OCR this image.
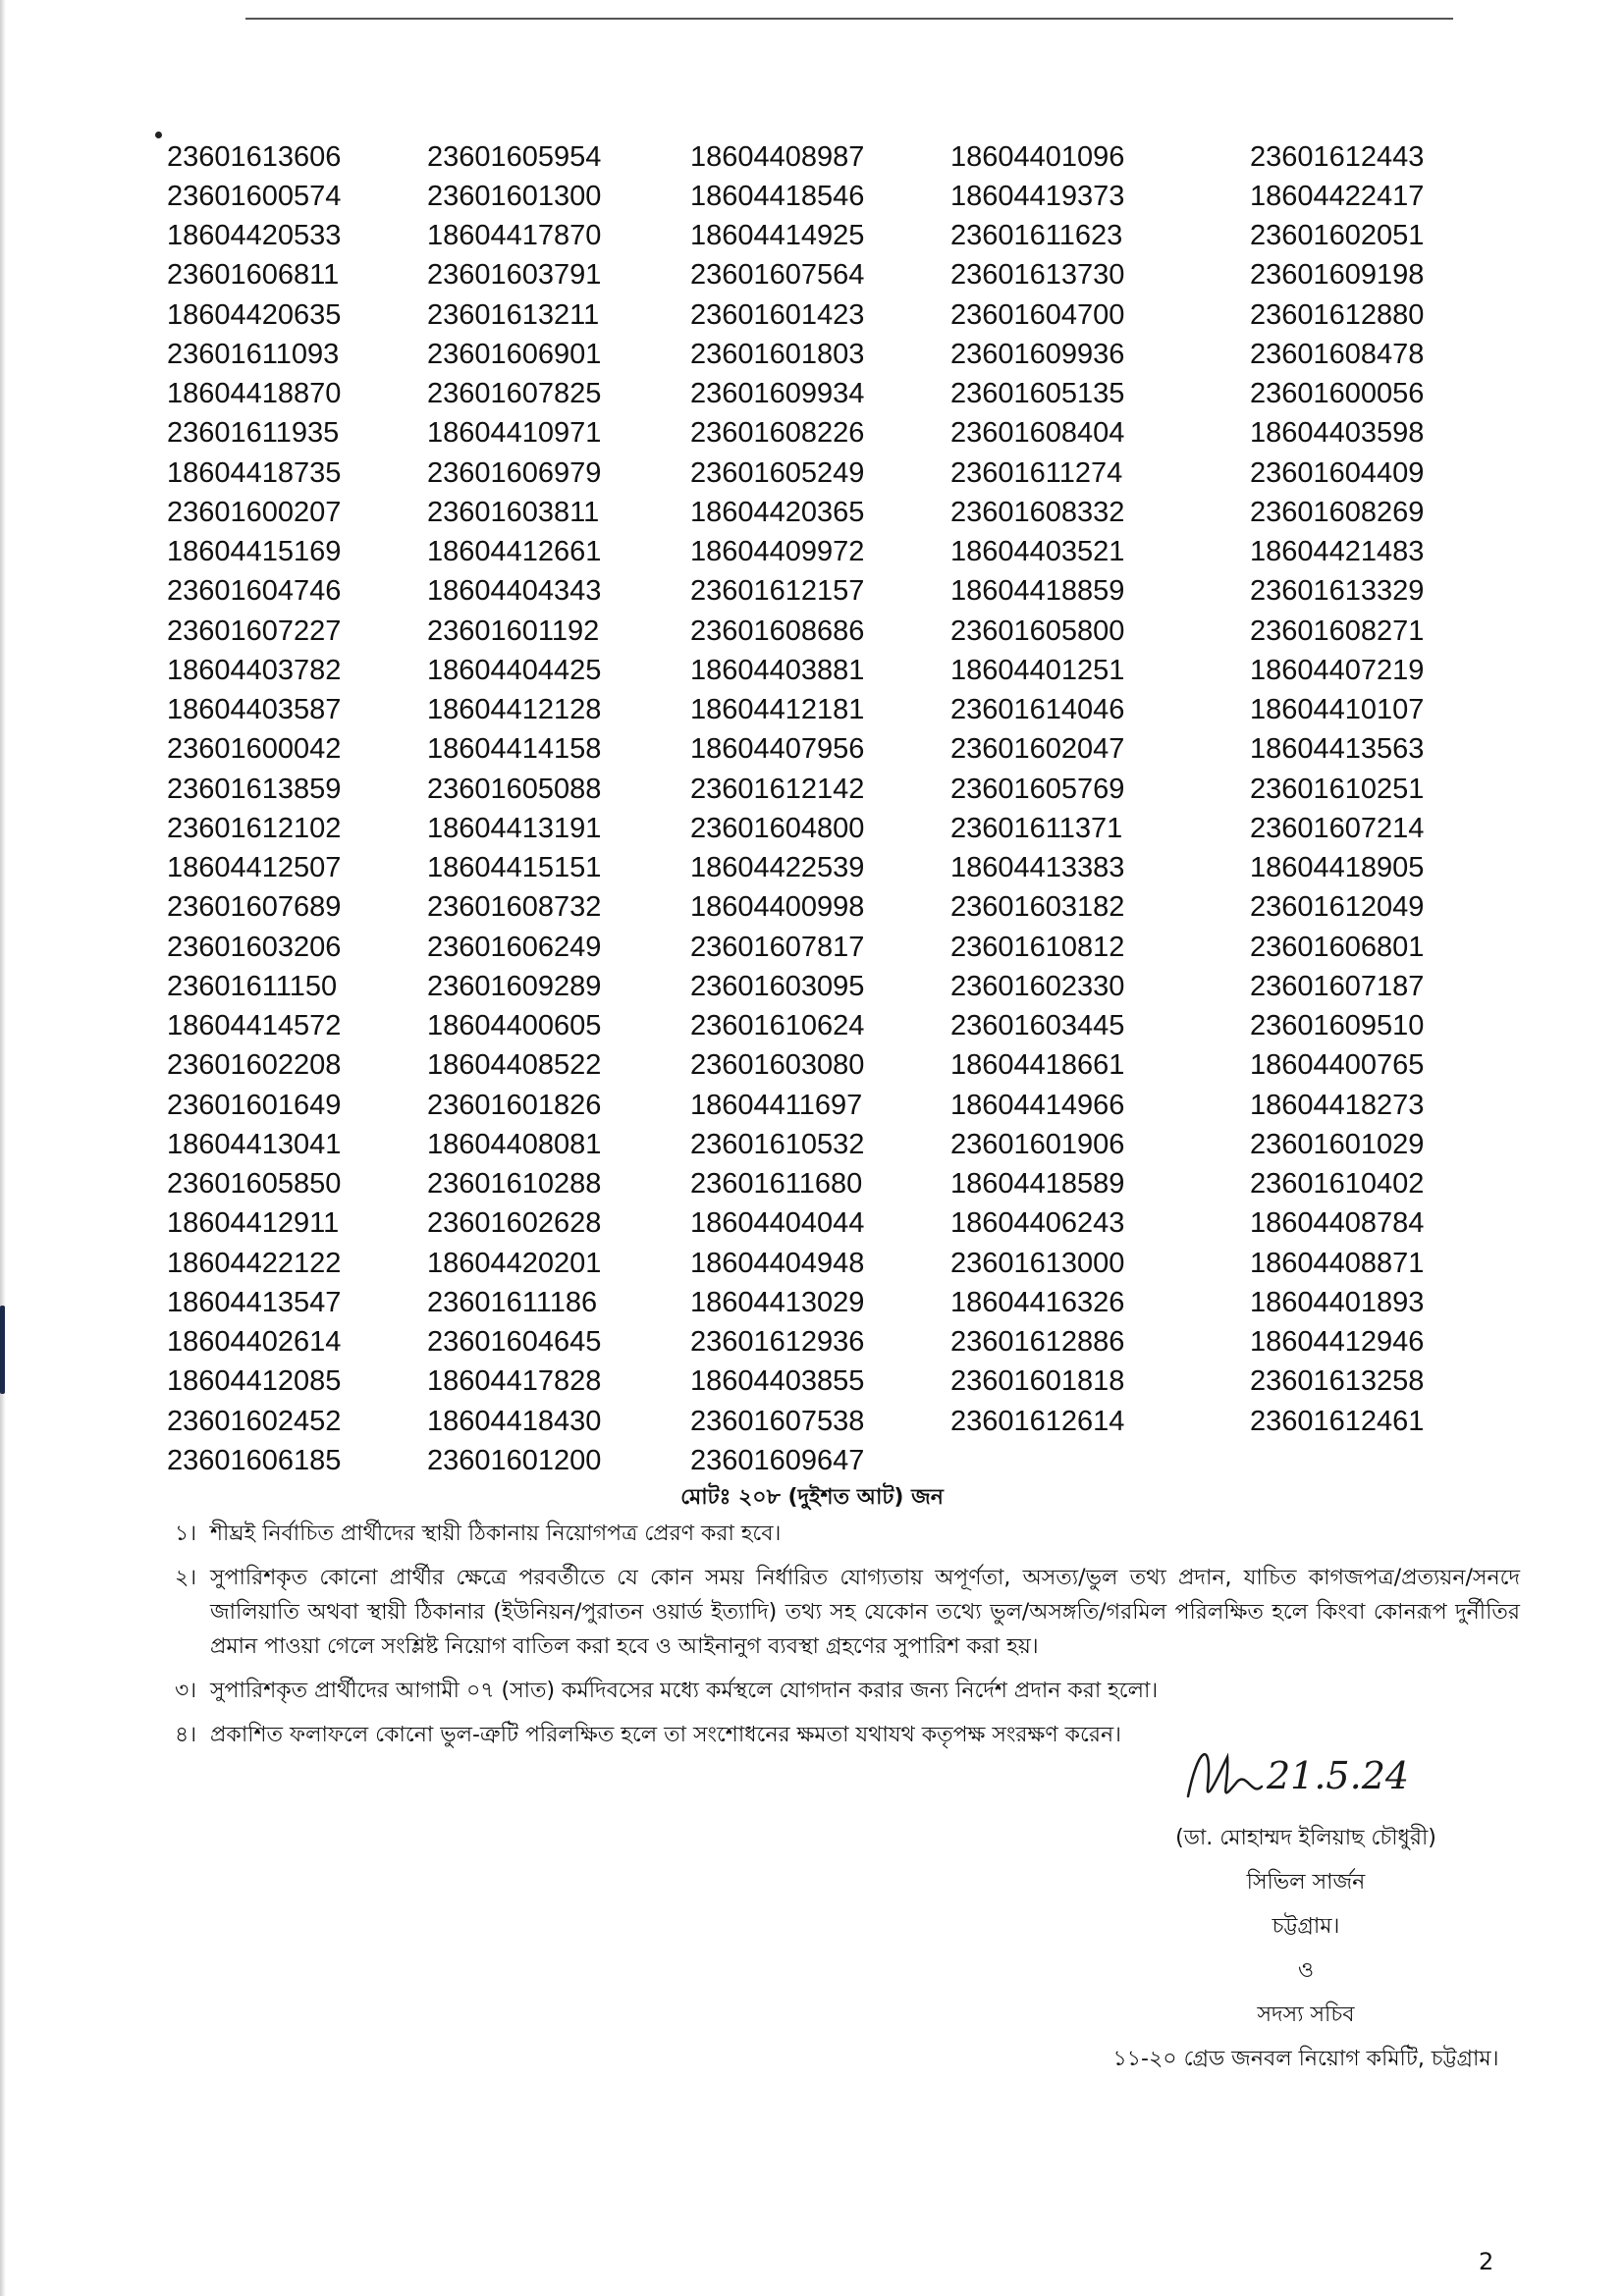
23601613606	23601605954	18604408987	18604401096	23601612443
23601600574	23601601300	18604418546	18604419373	18604422417
18604420533	18604417870	18604414925	23601611623	23601602051
23601606811	23601603791	23601607564	23601613730	23601609198
18604420635	23601613211	23601601423	23601604700	23601612880
23601611093	23601606901	23601601803	23601609936	23601608478
18604418870	23601607825	23601609934	23601605135	23601600056
23601611935	18604410971	23601608226	23601608404	18604403598
18604418735	23601606979	23601605249	23601611274	23601604409
23601600207	23601603811	18604420365	23601608332	23601608269
18604415169	18604412661	18604409972	18604403521	18604421483
23601604746	18604404343	23601612157	18604418859	23601613329
23601607227	23601601192	23601608686	23601605800	23601608271
18604403782	18604404425	18604403881	18604401251	18604407219
18604403587	18604412128	18604412181	23601614046	18604410107
23601600042	18604414158	18604407956	23601602047	18604413563
23601613859	23601605088	23601612142	23601605769	23601610251
23601612102	18604413191	23601604800	23601611371	23601607214
18604412507	18604415151	18604422539	18604413383	18604418905
23601607689	23601608732	18604400998	23601603182	23601612049
23601603206	23601606249	23601607817	23601610812	23601606801
23601611150	23601609289	23601603095	23601602330	23601607187
18604414572	18604400605	23601610624	23601603445	23601609510
23601602208	18604408522	23601603080	18604418661	18604400765
23601601649	23601601826	18604411697	18604414966	18604418273
18604413041	18604408081	23601610532	23601601906	23601601029
23601605850	23601610288	23601611680	18604418589	23601610402
18604412911	23601602628	18604404044	18604406243	18604408784
18604422122	18604420201	18604404948	23601613000	18604408871
18604413547	23601611186	18604413029	18604416326	18604401893
18604402614	23601604645	23601612936	23601612886	18604412946
18604412085	18604417828	18604403855	23601601818	23601613258
23601602452	18604418430	23601607538	23601612614	23601612461
23601606185	23601601200	23601609647
মোটঃ ২০৮ (দুইশত আট) জন
১। শীঘ্রই নির্বাচিত প্রার্থীদের স্থায়ী ঠিকানায় নিয়োগপত্র প্রেরণ করা হবে।
২। সুপারিশকৃত কোনো প্রার্থীর ক্ষেত্রে পরবর্তীতে যে কোন সময় নির্ধারিত যোগ্যতায় অপূর্ণতা, অসত্য/ভুল তথ্য প্রদান, যাচিত কাগজপত্র/প্রত্যয়ন/সনদে জালিয়াতি অথবা স্থায়ী ঠিকানার (ইউনিয়ন/পুরাতন ওয়ার্ড ইত্যাদি) তথ্য সহ যেকোন তথ্যে ভুল/অসঙ্গতি/গরমিল পরিলক্ষিত হলে কিংবা কোনরূপ দুর্নীতির প্রমান পাওয়া গেলে সংশ্লিষ্ট নিয়োগ বাতিল করা হবে ও আইনানুগ ব্যবস্থা গ্রহণের সুপারিশ করা হয়।
৩। সুপারিশকৃত প্রার্থীদের আগামী ০৭ (সাত) কর্মদিবসের মধ্যে কর্মস্থলে যোগদান করার জন্য নির্দেশ প্রদান করা হলো।
৪। প্রকাশিত ফলাফলে কোনো ভুল-ত্রুটি পরিলক্ষিত হলে তা সংশোধনের ক্ষমতা যথাযথ কতৃপক্ষ সংরক্ষণ করেন।
21.5.24
(ডা. মোহাম্মদ ইলিয়াছ চৌধুরী)
সিভিল সার্জন
চট্টগ্রাম।
ও
সদস্য সচিব
১১-২০ গ্রেড জনবল নিয়োগ কমিটি, চট্টগ্রাম।
2
